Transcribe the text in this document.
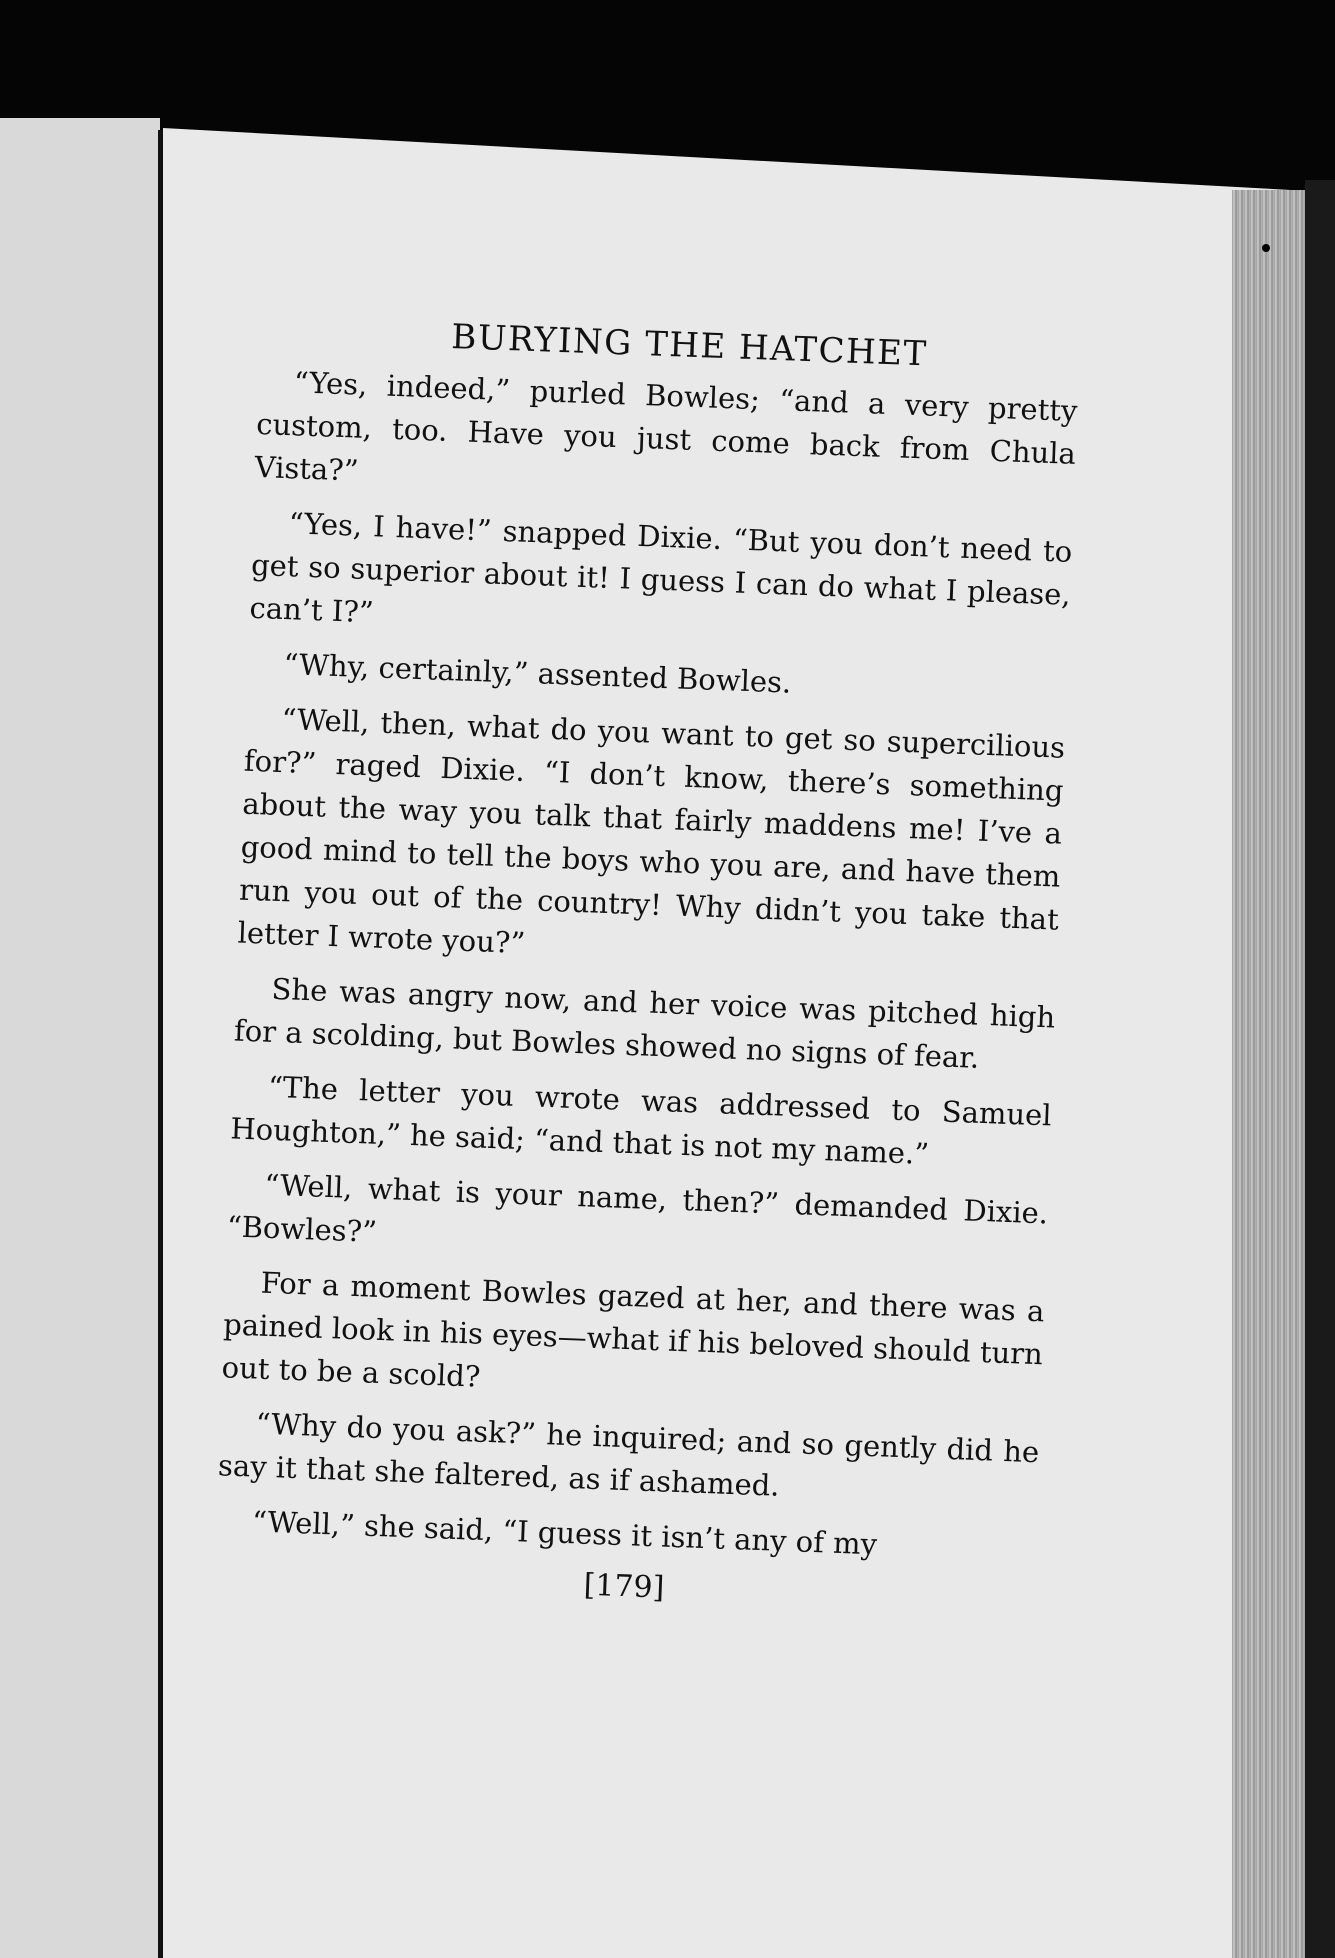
BURYING THE HATCHET

“Yes, indeed,” purled Bowles; “and a very pretty custom, too. Have you just come back from Chula Vista?”

“Yes, I have!” snapped Dixie. “But you don’t need to get so superior about it! I guess I can do what I please, can’t I?”

“Why, certainly,” assented Bowles.

“Well, then, what do you want to get so supercilious for?” raged Dixie. “I don’t know, there’s something about the way you talk that fairly maddens me! I’ve a good mind to tell the boys who you are, and have them run you out of the country! Why didn’t you take that letter I wrote you?”

She was angry now, and her voice was pitched high for a scolding, but Bowles showed no signs of fear.

“The letter you wrote was addressed to Samuel Houghton,” he said; “and that is not my name.”

“Well, what is your name, then?” demanded Dixie. “Bowles?”

For a moment Bowles gazed at her, and there was a pained look in his eyes—what if his beloved should turn out to be a scold?

“Why do you ask?” he inquired; and so gently did he say it that she faltered, as if ashamed.

“Well,” she said, “I guess it isn’t any of my

[179]
